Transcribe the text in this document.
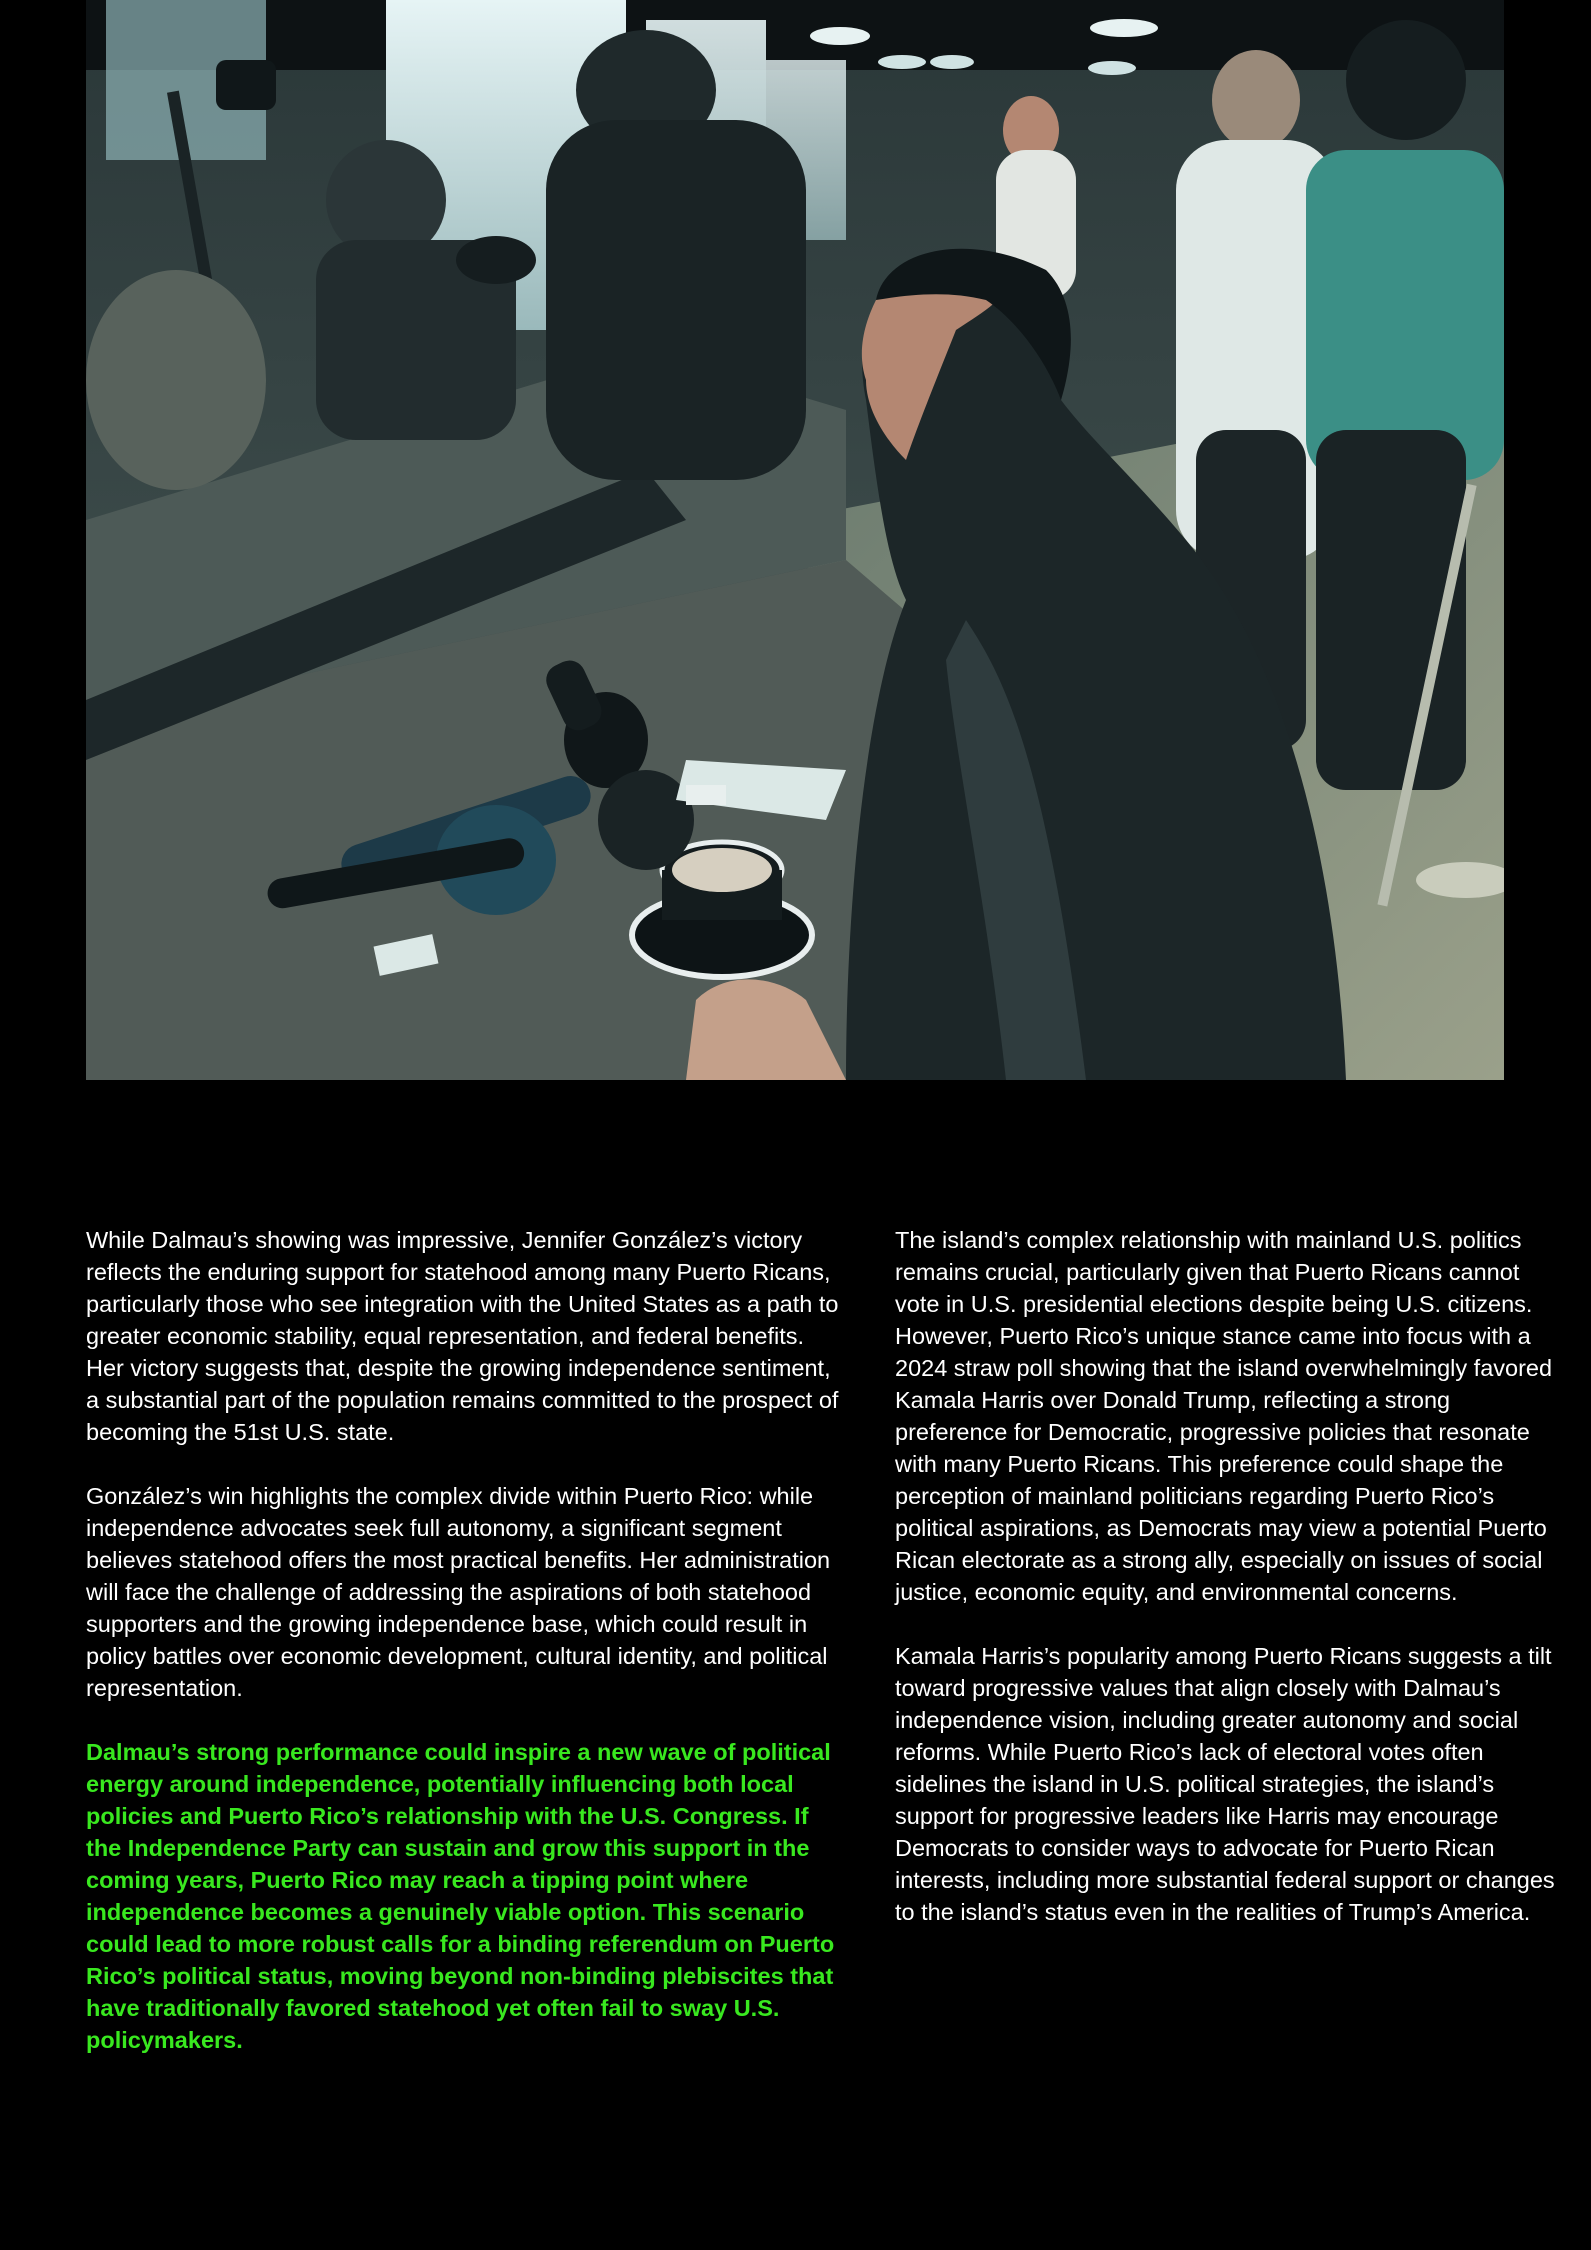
While Dalmau’s showing was impressive, Jennifer González’s victory reflects the enduring support for statehood among many Puerto Ricans, particularly those who see integration with the United States as a path to greater economic stability, equal representation, and federal benefits. Her victory suggests that, despite the growing independence sentiment, a substantial part of the population remains committed to the prospect of becoming the 51st U.S. state.

González’s win highlights the complex divide within Puerto Rico: while independence advocates seek full autonomy, a significant segment believes statehood offers the most practical benefits. Her administration will face the challenge of addressing the aspirations of both statehood supporters and the growing independence base, which could result in policy battles over economic development, cultural identity, and political representation.

Dalmau’s strong performance could inspire a new wave of political energy around independence, potentially influencing both local policies and Puerto Rico’s relationship with the U.S. Congress. If the Independence Party can sustain and grow this support in the coming years, Puerto Rico may reach a tipping point where independence becomes a genuinely viable option. This scenario could lead to more robust calls for a binding referendum on Puerto Rico’s political status, moving beyond non-binding plebiscites that have traditionally favored statehood yet often fail to sway U.S. policymakers.

The island’s complex relationship with mainland U.S. politics remains crucial, particularly given that Puerto Ricans cannot vote in U.S. presidential elections despite being U.S. citizens. However, Puerto Rico’s unique stance came into focus with a 2024 straw poll showing that the island overwhelmingly favored Kamala Harris over Donald Trump, reflecting a strong preference for Democratic, progressive policies that resonate with many Puerto Ricans. This preference could shape the perception of mainland politicians regarding Puerto Rico’s political aspirations, as Democrats may view a potential Puerto Rican electorate as a strong ally, especially on issues of social justice, economic equity, and environmental concerns.

Kamala Harris’s popularity among Puerto Ricans suggests a tilt toward progressive values that align closely with Dalmau’s independence vision, including greater autonomy and social reforms. While Puerto Rico’s lack of electoral votes often sidelines the island in U.S. political strategies, the island’s support for progressive leaders like Harris may encourage Democrats to consider ways to advocate for Puerto Rican interests, including more substantial federal support or changes to the island’s status even in the realities of Trump’s America.
